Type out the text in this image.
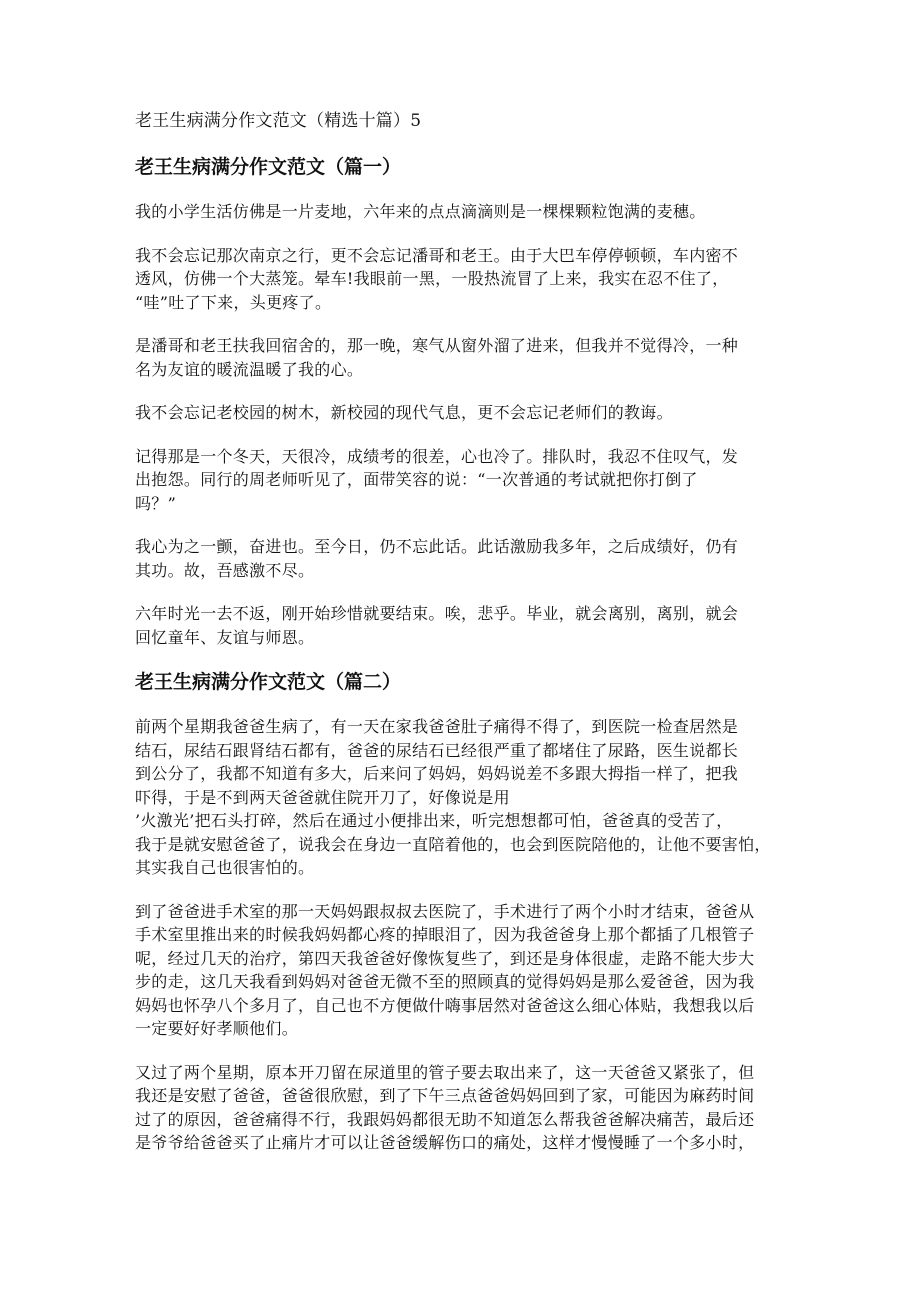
老王生病满分作文范文（精选十篇）5
老王生病满分作文范文（篇一）

我的小学生活仿佛是一片麦地，六年来的点点滴滴则是一棵棵颗粒饱满的麦穗。

我不会忘记那次南京之行，更不会忘记潘哥和老王。由于大巴车停停顿顿，车内密不
透风，仿佛一个大蒸笼。晕车!我眼前一黑，一股热流冒了上来，我实在忍不住了，
“哇”吐了下来，头更疼了。

是潘哥和老王扶我回宿舍的，那一晚，寒气从窗外溜了进来，但我并不觉得冷，一种
名为友谊的暖流温暖了我的心。

我不会忘记老校园的树木，新校园的现代气息，更不会忘记老师们的教诲。

记得那是一个冬天，天很冷，成绩考的很差，心也冷了。排队时，我忍不住叹气，发
出抱怨。同行的周老师听见了，面带笑容的说：“一次普通的考试就把你打倒了
吗？”

我心为之一颤，奋进也。至今日，仍不忘此话。此话激励我多年，之后成绩好，仍有
其功。故，吾感激不尽。

六年时光一去不返，刚开始珍惜就要结束。唉，悲乎。毕业，就会离别，离别，就会
回忆童年、友谊与师恩。

老王生病满分作文范文（篇二）

前两个星期我爸爸生病了，有一天在家我爸爸肚子痛得不得了，到医院一检查居然是
结石，尿结石跟肾结石都有，爸爸的尿结石已经很严重了都堵住了尿路，医生说都长
到公分了，我都不知道有多大，后来问了妈妈，妈妈说差不多跟大拇指一样了，把我
吓得，于是不到两天爸爸就住院开刀了，好像说是用
’火激光’把石头打碎，然后在通过小便排出来，听完想想都可怕，爸爸真的受苦了，
我于是就安慰爸爸了，说我会在身边一直陪着他的，也会到医院陪他的，让他不要害怕，
其实我自己也很害怕的。

到了爸爸进手术室的那一天妈妈跟叔叔去医院了，手术进行了两个小时才结束，爸爸从
手术室里推出来的时候我妈妈都心疼的掉眼泪了，因为我爸爸身上那个都插了几根管子
呢，经过几天的治疗，第四天我爸爸好像恢复些了，到还是身体很虚，走路不能大步大
步的走，这几天我看到妈妈对爸爸无微不至的照顾真的觉得妈妈是那么爱爸爸，因为我
妈妈也怀孕八个多月了，自己也不方便做什嗨事居然对爸爸这么细心体贴，我想我以后
一定要好好孝顺他们。

又过了两个星期，原本开刀留在尿道里的管子要去取出来了，这一天爸爸又紧张了，但
我还是安慰了爸爸，爸爸很欣慰，到了下午三点爸爸妈妈回到了家，可能因为麻药时间
过了的原因，爸爸痛得不行，我跟妈妈都很无助不知道怎么帮我爸爸解决痛苦，最后还
是爷爷给爸爸买了止痛片才可以让爸爸缓解伤口的痛处，这样才慢慢睡了一个多小时，
